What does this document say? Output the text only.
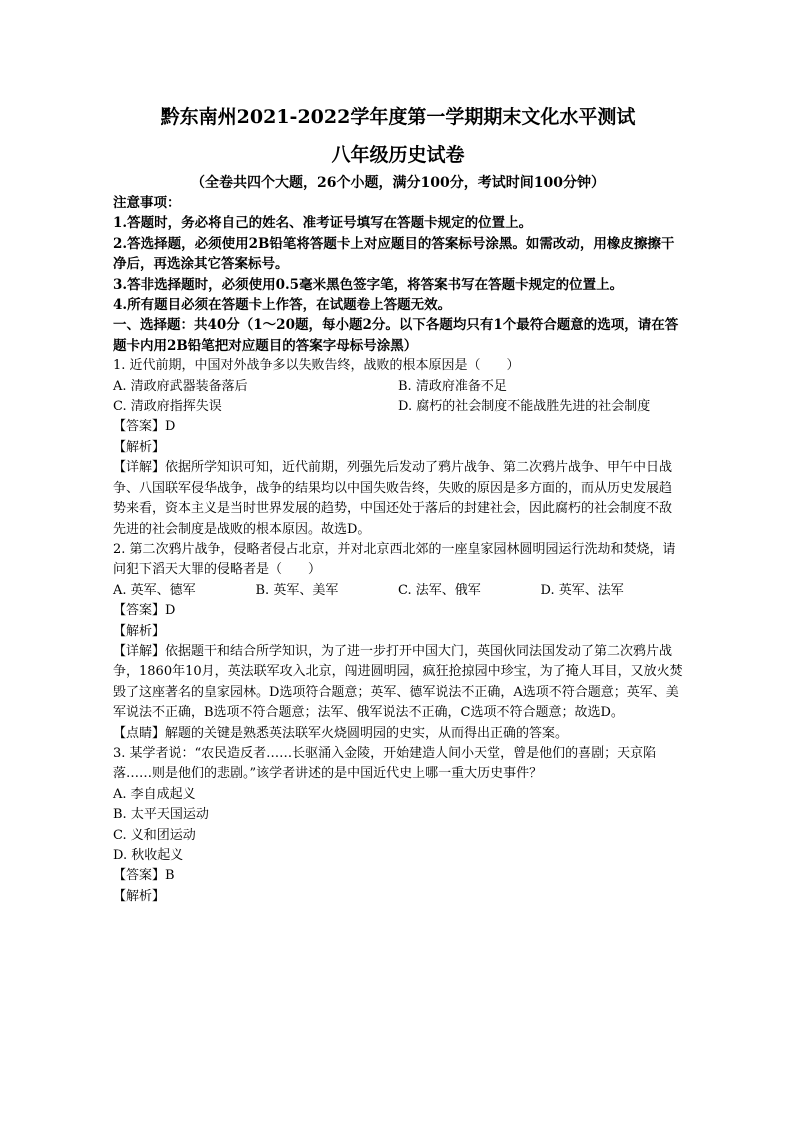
黔东南州2021-2022学年度第一学期期末文化水平测试
八年级历史试卷
（全卷共四个大题，26个小题，满分100分，考试时间100分钟）

注意事项：

1.答题时，务必将自己的姓名、准考证号填写在答题卡规定的位置上。

2.答选择题，必须使用2B铅笔将答题卡上对应题目的答案标号涂黑。如需改动，用橡皮擦擦干净后，再选涂其它答案标号。

3.答非选择题时，必须使用0.5毫米黑色签字笔，将答案书写在答题卡规定的位置上。

4.所有题目必须在答题卡上作答，在试题卷上答题无效。

一、选择题：共40分（1～20题，每小题2分。以下各题均只有1个最符合题意的选项，请在答题卡内用2B铅笔把对应题目的答案字母标号涂黑）

1. 近代前期，中国对外战争多以失败告终，战败的根本原因是（　　）

A. 清政府武器装备落后	B. 清政府准备不足
C. 清政府指挥失误	D. 腐朽的社会制度不能战胜先进的社会制度

【答案】D

【解析】

【详解】依据所学知识可知，近代前期，列强先后发动了鸦片战争、第二次鸦片战争、甲午中日战争、八国联军侵华战争，战争的结果均以中国失败告终，失败的原因是多方面的，而从历史发展趋势来看，资本主义是当时世界发展的趋势，中国还处于落后的封建社会，因此腐朽的社会制度不敌先进的社会制度是战败的根本原因。故选D。

2. 第二次鸦片战争，侵略者侵占北京，并对北京西北郊的一座皇家园林圆明园运行洗劫和焚烧，请问犯下滔天大罪的侵略者是（　　）

A. 英军、德军	B. 英军、美军	C. 法军、俄军	D. 英军、法军

【答案】D

【解析】

【详解】依据题干和结合所学知识，为了进一步打开中国大门，英国伙同法国发动了第二次鸦片战争，1860年10月，英法联军攻入北京，闯进圆明园，疯狂抢掠园中珍宝，为了掩人耳目，又放火焚毁了这座著名的皇家园林。D选项符合题意；英军、德军说法不正确，A选项不符合题意；英军、美军说法不正确，B选项不符合题意；法军、俄军说法不正确，C选项不符合题意；故选D。

【点睛】解题的关键是熟悉英法联军火烧圆明园的史实，从而得出正确的答案。

3. 某学者说：“农民造反者……长驱涌入金陵，开始建造人间小天堂，曾是他们的喜剧；天京陷落……则是他们的悲剧。”该学者讲述的是中国近代史上哪一重大历史事件？

A. 李自成起义

B. 太平天国运动

C. 义和团运动

D. 秋收起义

【答案】B

【解析】
